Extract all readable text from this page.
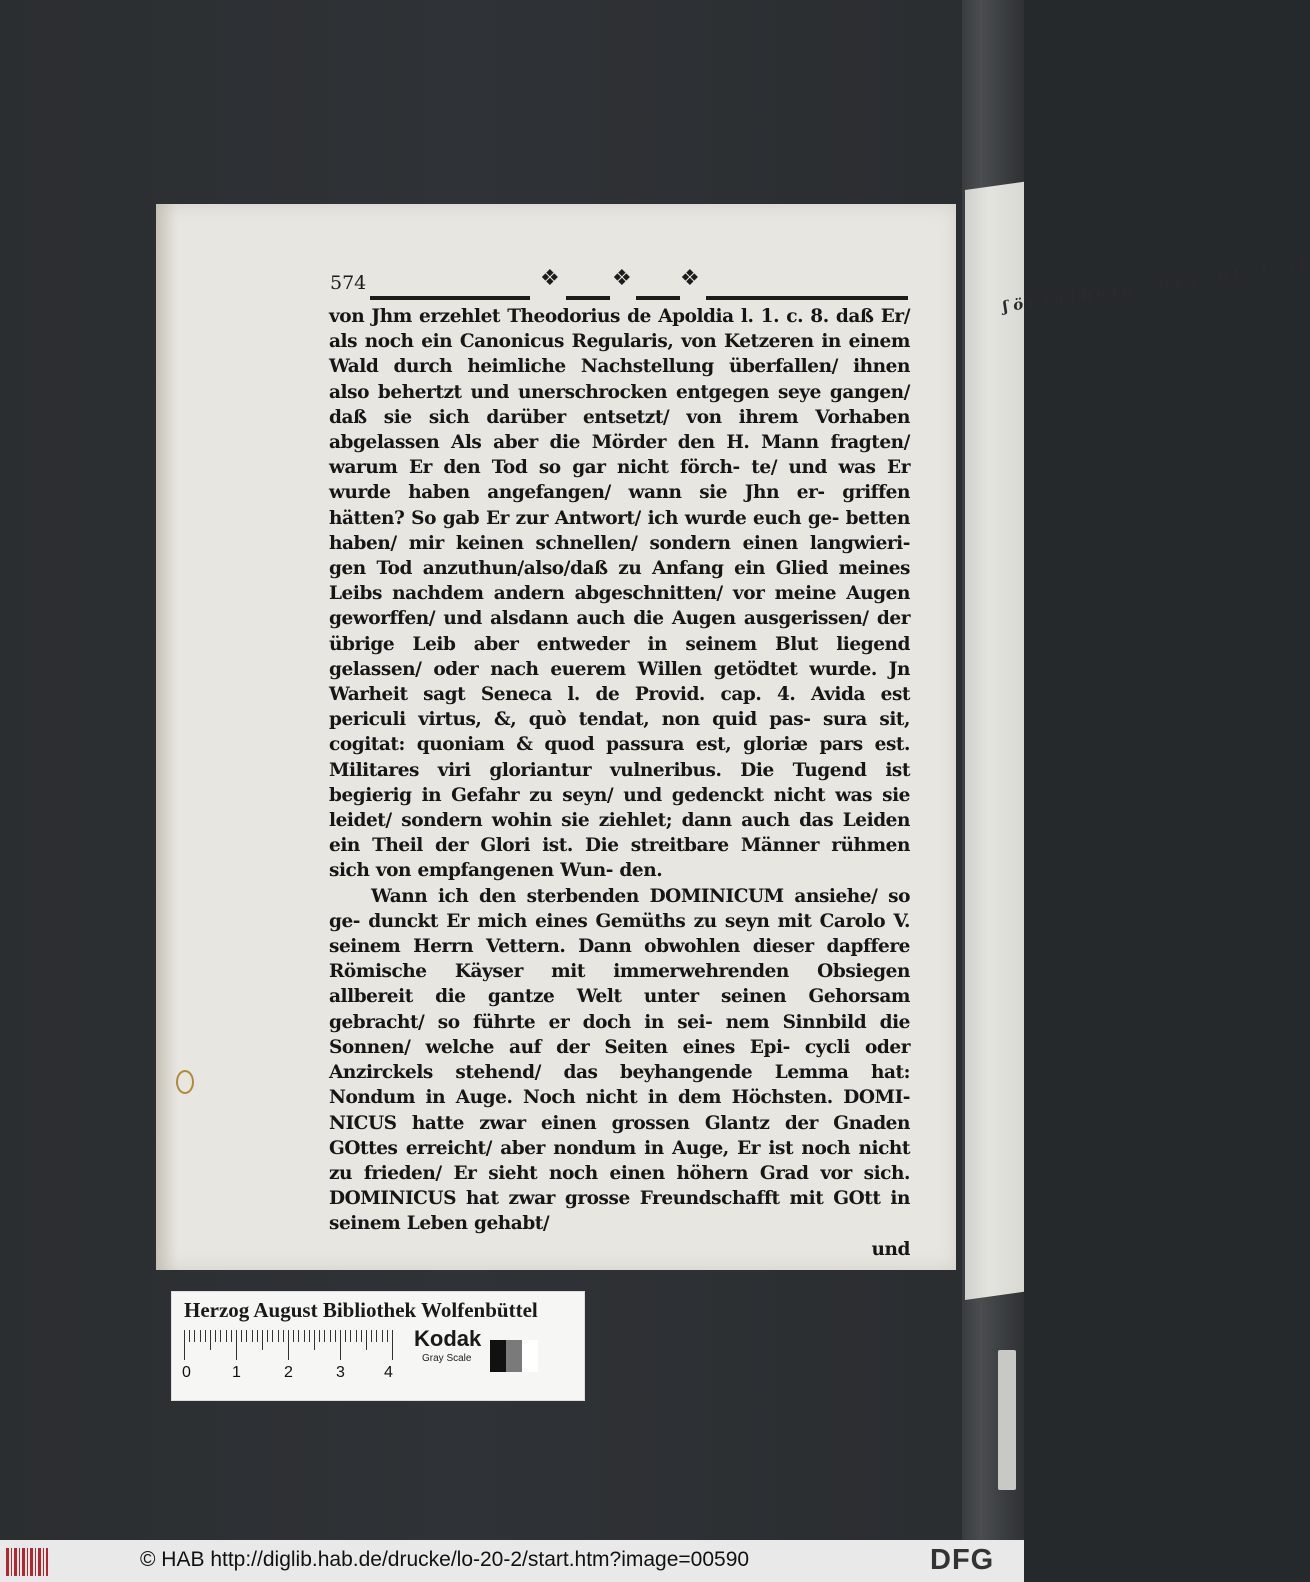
ʃ ö e i g l b e f e . . d e v    e ſ    ſ    \ ſ
574	❖ ❖ ❖

von Jhm erzehlet Theodorius de Apoldia l. 1. c. 8. daß Er/ als noch ein Canonicus Regularis, von Ketzeren in einem Wald durch heimliche Nachstellung überfallen/ ihnen also behertzt und unerschrocken entgegen seye gangen/ daß sie sich darüber entsetzt/ von ihrem Vorhaben abgelassen Als aber die Mörder den H. Mann fragten/ warum Er den Tod so gar nicht förch- te/ und was Er wurde haben angefangen/ wann sie Jhn er- griffen hätten? So gab Er zur Antwort/ ich wurde euch ge- betten haben/ mir keinen schnellen/ sondern einen langwieri- gen Tod anzuthun/also/daß zu Anfang ein Glied meines Leibs nachdem andern abgeschnitten/ vor meine Augen geworffen/ und alsdann auch die Augen ausgerissen/ der übrige Leib aber entweder in seinem Blut liegend gelassen/ oder nach euerem Willen getödtet wurde. Jn Warheit sagt Seneca l. de Provid. cap. 4. Avida est periculi virtus, &, quò tendat, non quid pas- sura sit, cogitat: quoniam & quod passura est, gloriæ pars est. Militares viri gloriantur vulneribus. Die Tugend ist begierig in Gefahr zu seyn/ und gedenckt nicht was sie leidet/ sondern wohin sie ziehlet; dann auch das Leiden ein Theil der Glori ist. Die streitbare Männer rühmen sich von empfangenen Wun- den.

Wann ich den sterbenden DOMINICUM ansiehe/ so ge- dunckt Er mich eines Gemüths zu seyn mit Carolo V. seinem Herrn Vettern. Dann obwohlen dieser dapffere Römische Käyser mit immerwehrenden Obsiegen allbereit die gantze Welt unter seinen Gehorsam gebracht/ so führte er doch in sei- nem Sinnbild die Sonnen/ welche auf der Seiten eines Epi- cycli oder Anzirckels stehend/ das beyhangende Lemma hat: Nondum in Auge. Noch nicht in dem Höchsten. DOMI- NICUS hatte zwar einen grossen Glantz der Gnaden GOttes erreicht/ aber nondum in Auge, Er ist noch nicht zu frieden/ Er sieht noch einen höhern Grad vor sich. DOMINICUS hat zwar grosse Freundschafft mit GOtt in seinem Leben gehabt/

und

Herzog August Bibliothek Wolfenbüttel
0	1	2	3 4
Kodak
Gray Scale
© HAB http://diglib.hab.de/drucke/lo-20-2/start.htm?image=00590	DFG
